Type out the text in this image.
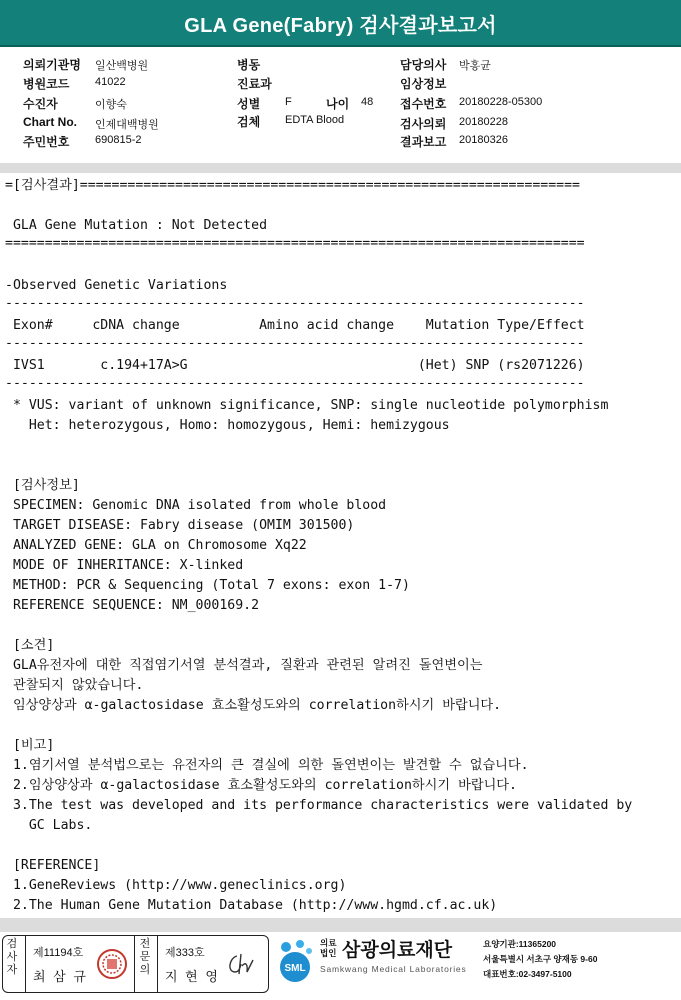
GLA Gene(Fabry) 검사결과보고서
의뢰기관명 일산백병원
병원코드 41022
수진자	이향숙
Chart No. 인제대백병원
주민번호 690815-2
병동
진료과
성별 F	나이 48
검체 EDTA Blood
담당의사 박홍균
임상정보
접수번호 20180228-05300
검사의뢰 20180228
결과보고 20180326
=[검사결과]===============================================================
GLA Gene Mutation : Not Detected
=========================================================================
-Observed Genetic Variations
-------------------------------------------------------------------------
Exon#     cDNA change          Amino acid change    Mutation Type/Effect
-------------------------------------------------------------------------
IVS1       c.194+17A>G                             (Het) SNP (rs2071226)
-------------------------------------------------------------------------
* VUS: variant of unknown significance, SNP: single nucleotide polymorphism
Het: heterozygous, Homo: homozygous, Hemi: hemizygous
[검사정보]
SPECIMEN: Genomic DNA isolated from whole blood
TARGET DISEASE: Fabry disease (OMIM 301500)
ANALYZED GENE: GLA on Chromosome Xq22
MODE OF INHERITANCE: X-linked
METHOD: PCR & Sequencing (Total 7 exons: exon 1-7)
REFERENCE SEQUENCE: NM_000169.2
[소견]
GLA유전자에 대한 직접염기서열 분석결과, 질환과 관련된 알려진 돌연변이는
관찰되지 않았습니다.
임상양상과 α-galactosidase 효소활성도와의 correlation하시기 바랍니다.
[비고]
1.염기서열 분석법으로는 유전자의 큰 결실에 의한 돌연변이는 발견할 수 없습니다.
2.임상양상과 α-galactosidase 효소활성도와의 correlation하시기 바랍니다.
3.The test was developed and its performance characteristics were validated by
GC Labs.
[REFERENCE]
1.GeneReviews (http://www.geneclinics.org)
2.The Human Gene Mutation Database (http://www.hgmd.cf.ac.uk)
검사자
제11194호
최 삼 규
전문의
제333호
지 현 영
SML
의료
법인 삼광의료재단
Samkwang Medical Laboratories
요양기관:11365200
서울특별시 서초구 양재동 9-60
대표번호:02-3497-5100
